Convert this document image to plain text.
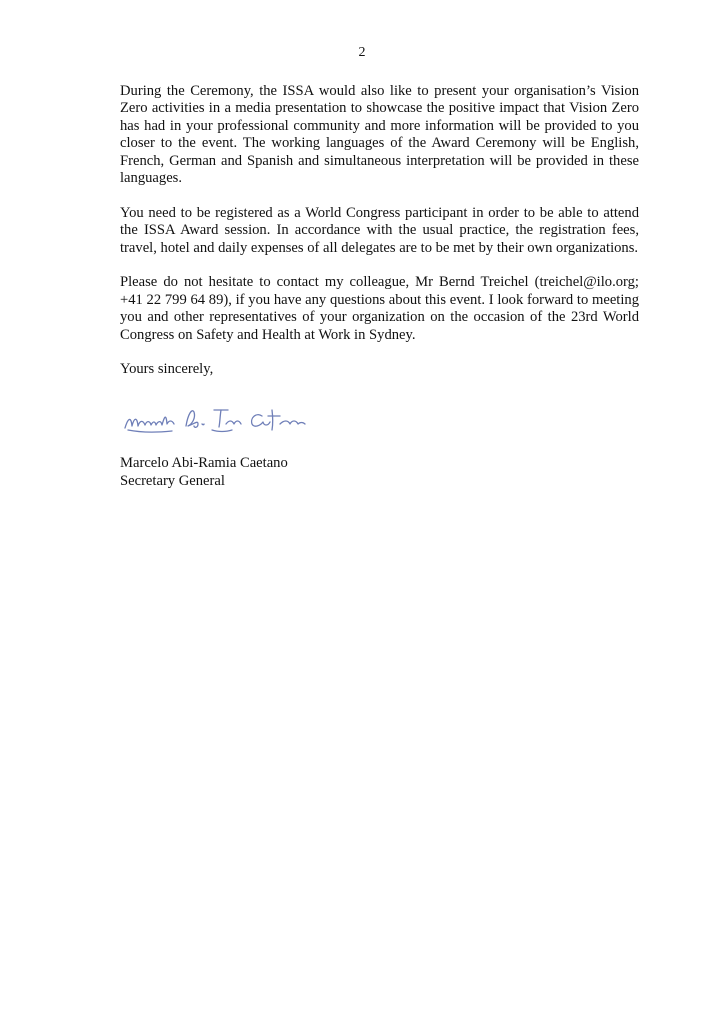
2

During the Ceremony, the ISSA would also like to present your organisation’s Vision Zero activities in a media presentation to showcase the positive impact that Vision Zero has had in your professional community and more information will be provided to you closer to the event. The working languages of the Award Ceremony will be English, French, German and Spanish and simultaneous interpretation will be provided in these languages.

You need to be registered as a World Congress participant in order to be able to attend the ISSA Award session. In accordance with the usual practice, the registration fees, travel, hotel and daily expenses of all delegates are to be met by their own organizations.

Please do not hesitate to contact my colleague, Mr Bernd Treichel (treichel@ilo.org; +41 22 799 64 89), if you have any questions about this event. I look forward to meeting you and other representatives of your organization on the occasion of the 23rd World Congress on Safety and Health at Work in Sydney.

Yours sincerely,

Marcelo Abi-Ramia Caetano
Secretary General
